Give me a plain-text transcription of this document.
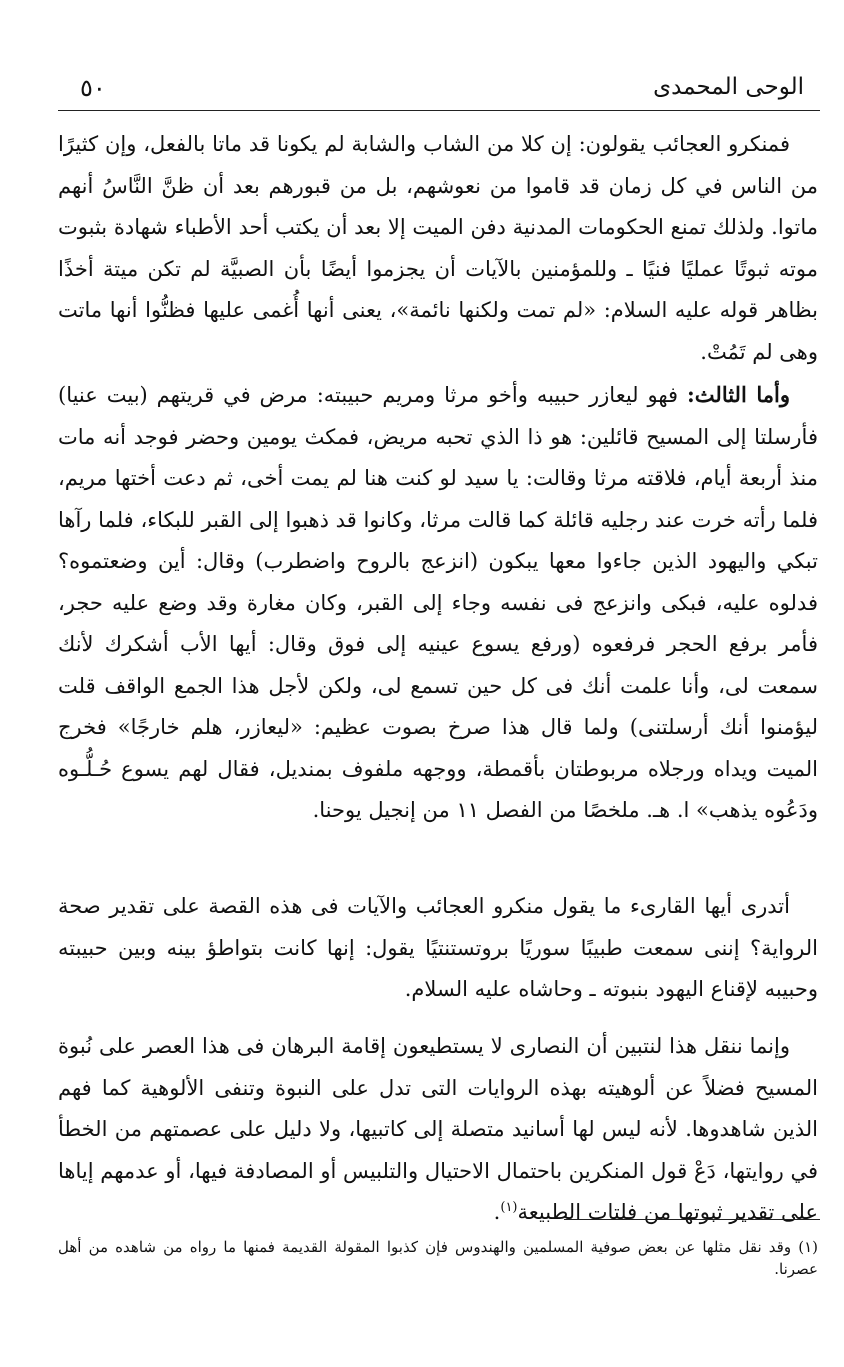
الوحى المحمدى
٥٠

فمنكرو العجائب يقولون: إن كلا من الشاب والشابة لم يكونا قد ماتا بالفعل، وإن كثيرًا من الناس في كل زمان قد قاموا من نعوشهم، بل من قبورهم بعد أن ظنَّ النَّاسُ أنهم ماتوا. ولذلك تمنع الحكومات المدنية دفن الميت إلا بعد أن يكتب أحد الأطباء شهادة بثبوت موته ثبوتًا عمليًا فنيًا ـ وللمؤمنين بالآيات أن يجزموا أيضًا بأن الصبيَّة لم تكن ميتة أخذًا بظاهر قوله عليه السلام: «لم تمت ولكنها نائمة»، يعنى أنها أُغمى عليها فظنُّوا أنها ماتت وهى لم تَمُتْ.

وأما الثالث: فهو ليعازر حبيبه وأخو مرثا ومريم حبيبته: مرض في قريتهم (بيت عنيا) فأرسلتا إلى المسيح قائلين: هو ذا الذي تحبه مريض، فمكث يومين وحضر فوجد أنه مات منذ أربعة أيام، فلاقته مرثا وقالت: يا سيد لو كنت هنا لم يمت أخى، ثم دعت أختها مريم، فلما رأته خرت عند رجليه قائلة كما قالت مرثا، وكانوا قد ذهبوا إلى القبر للبكاء، فلما رآها تبكي واليهود الذين جاءوا معها يبكون (انزعج بالروح واضطرب) وقال: أين وضعتموه؟ فدلوه عليه، فبكى وانزعج فى نفسه وجاء إلى القبر، وكان مغارة وقد وضع عليه حجر، فأمر برفع الحجر فرفعوه (ورفع يسوع عينيه إلى فوق وقال: أيها الأب أشكرك لأنك سمعت لى، وأنا علمت أنك فى كل حين تسمع لى، ولكن لأجل هذا الجمع الواقف قلت ليؤمنوا أنك أرسلتنى) ولما قال هذا صرخ بصوت عظيم: «ليعازر، هلم خارجًا» فخرج الميت ويداه ورجلاه مربوطتان بأقمطة، ووجهه ملفوف بمنديل، فقال لهم يسوع حُـلُّـوه ودَعُوه يذهب» ا. هـ. ملخصًا من الفصل ١١ من إنجيل يوحنا.

أتدرى أيها القارىء ما يقول منكرو العجائب والآيات فى هذه القصة على تقدير صحة الرواية؟ إننى سمعت طبيبًا سوريًا بروتستنتيًا يقول: إنها كانت بتواطؤ بينه وبين حبيبته وحبيبه لإقناع اليهود بنبوته ـ وحاشاه عليه السلام.

وإنما ننقل هذا لنتبين أن النصارى لا يستطيعون إقامة البرهان فى هذا العصر على نُبوة المسيح فضلاً عن ألوهيته بهذه الروايات التى تدل على النبوة وتنفى الألوهية كما فهم الذين شاهدوها. لأنه ليس لها أسانيد متصلة إلى كاتبيها، ولا دليل على عصمتهم من الخطأ في روايتها، دَعْ قول المنكرين باحتمال الاحتيال والتلبيس أو المصادفة فيها، أو عدمهم إياها على تقدير ثبوتها من فلتات الطبيعة$^{(١)}$.

(١) وقد نقل مثلها عن بعض صوفية المسلمين والهندوس فإن كذبوا المقولة القديمة فمنها ما رواه من شاهده من أهل عصرنا.
